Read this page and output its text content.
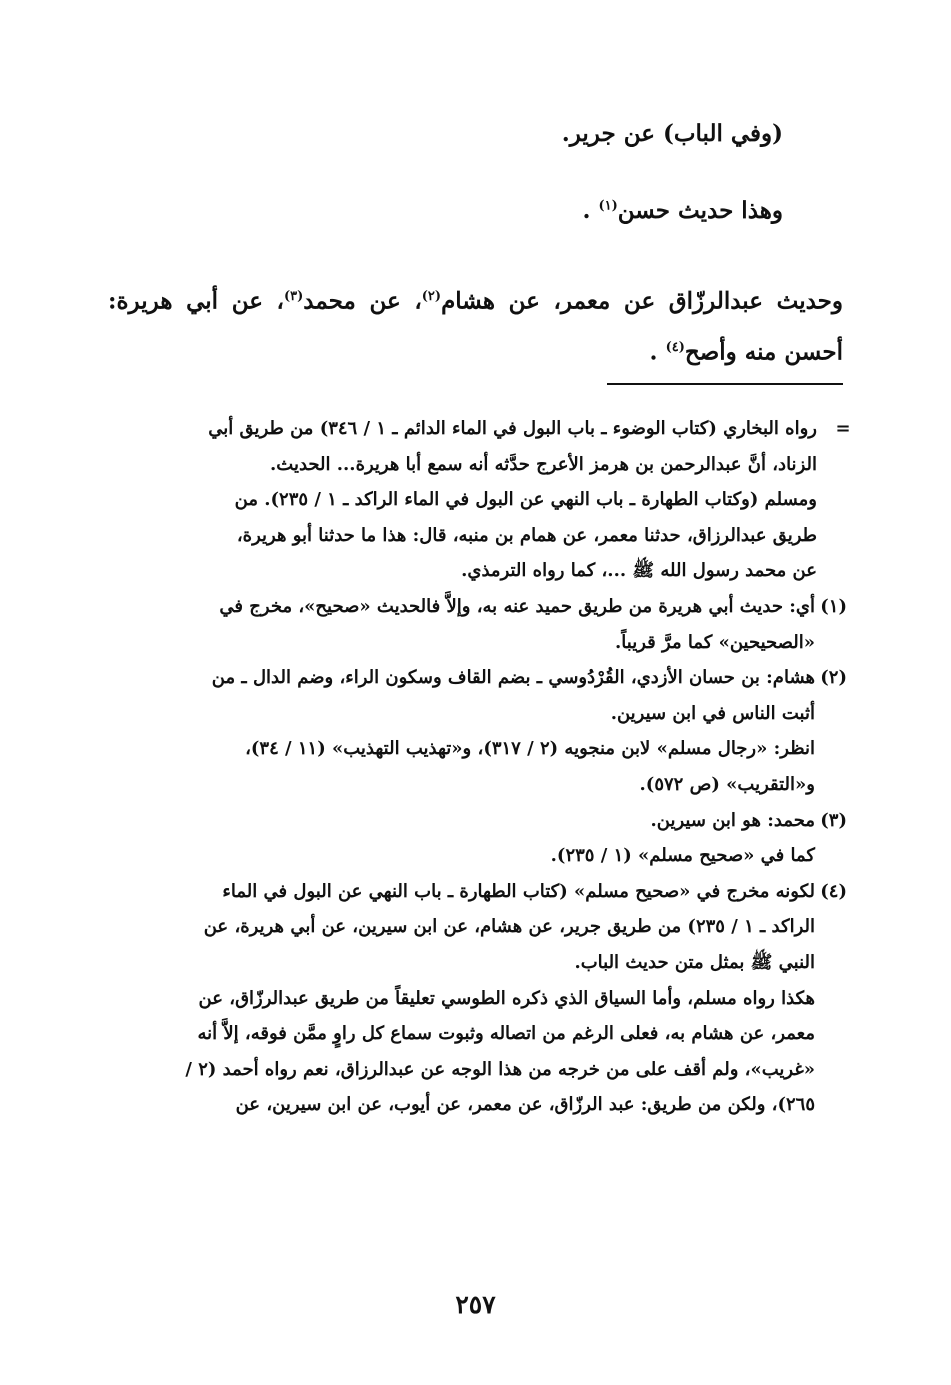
(وفي الباب) عن جرير.
وهذا حديث حسن$^{(١)}$ .
وحديث عبدالرزّاق عن معمر، عن هشام$^{(٢)}$، عن محمد$^{(٣)}$، عن أبي هريرة: أحسن منه وأصح$^{(٤)}$ .
=
رواه البخاري (كتاب الوضوء ـ باب البول في الماء الدائم ـ ١ / ٣٤٦) من طريق أبي
الزناد، أنَّ عبدالرحمن بن هرمز الأعرج حدَّثه أنه سمع أبا هريرة... الحديث.
ومسلم (وكتاب الطهارة ـ باب النهي عن البول في الماء الراكد ـ ١ / ٢٣٥). من
طريق عبدالرزاق، حدثنا معمر، عن همام بن منبه، قال: هذا ما حدثنا أبو هريرة،
عن محمد رسول الله ﷺ ...، كما رواه الترمذي.
(١)أي: حديث أبي هريرة من طريق حميد عنه به، وإلاَّ فالحديث «صحيح»، مخرج في
«الصحيحين» كما مرَّ قريباً.
(٢)هشام: بن حسان الأزدي، القُرْدُوسي ـ بضم القاف وسكون الراء، وضم الدال ـ من
أثبت الناس في ابن سيرين.
انظر: «رجال مسلم» لابن منجويه (٢ / ٣١٧)، و«تهذيب التهذيب» (١١ / ٣٤)،
و«التقريب» (ص ٥٧٢).
(٣)محمد: هو ابن سيرين.
كما في «صحيح مسلم» (١ / ٢٣٥).
(٤)لكونه مخرج في «صحيح مسلم» (كتاب الطهارة ـ باب النهي عن البول في الماء
الراكد ـ ١ / ٢٣٥) من طريق جرير، عن هشام، عن ابن سيرين، عن أبي هريرة، عن
النبي ﷺ بمثل متن حديث الباب.
هكذا رواه مسلم، وأما السياق الذي ذكره الطوسي تعليقاً من طريق عبدالرزّاق، عن
معمر، عن هشام به، فعلى الرغم من اتصاله وثبوت سماع كل راوٍ ممَّن فوقه، إلاَّ أنه
«غريب»، ولم أقف على من خرجه من هذا الوجه عن عبدالرزاق، نعم رواه أحمد (٢ /
٢٦٥)، ولكن من طريق: عبد الرزّاق، عن معمر، عن أيوب، عن ابن سيرين، عن
٢٥٧
